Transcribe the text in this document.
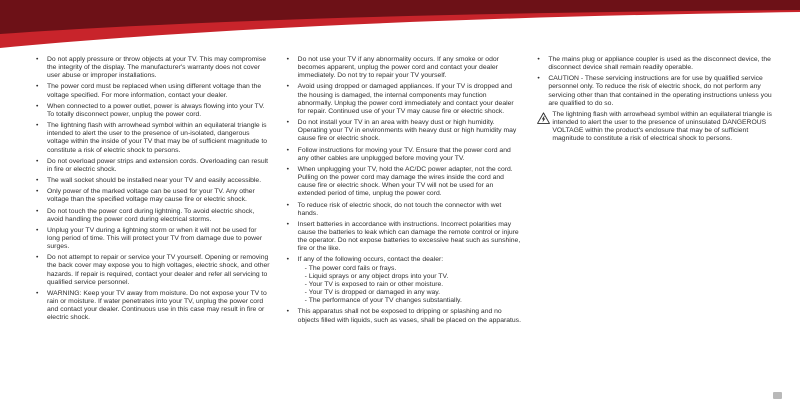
•	Do not apply pressure or throw objects at your TV. This may compromise the integrity of the display. The manufacturer's warranty does not cover user abuse or improper installations.
•	The power cord must be replaced when using different voltage than the voltage specified. For more information, contact your dealer.
•	When connected to a power outlet, power is always flowing into your TV. To totally disconnect power, unplug the power cord.
•	The lightning flash with arrowhead symbol within an equilateral triangle is intended to alert the user to the presence of un-isolated, dangerous voltage within the inside of your TV that may be of sufficient magnitude to constitute a risk of electric shock to persons.
•	Do not overload power strips and extension cords. Overloading can result in fire or electric shock.
•	The wall socket should be installed near your TV and easily accessible.
•	Only power of the marked voltage can be used for your TV. Any other voltage than the specified voltage may cause fire or electric shock.
•	Do not touch the power cord during lightning. To avoid electric shock, avoid handling the power cord during electrical storms.
•	Unplug your TV during a lightning storm or when it will not be used for long period of time. This will protect your TV from damage due to power surges.
•	Do not attempt to repair or service your TV yourself. Opening or removing the back cover may expose you to high voltages, electric shock, and other hazards. If repair is required, contact your dealer and refer all servicing to qualified service personnel.
•	WARNING: Keep your TV away from moisture. Do not expose your TV to rain or moisture. If water penetrates into your TV, unplug the power cord and contact your dealer. Continuous use in this case may result in fire or electric shock.
•	Do not use your TV if any abnormality occurs. If any smoke or odor becomes apparent, unplug the power cord and contact your dealer immediately. Do not try to repair your TV yourself.
•	Avoid using dropped or damaged appliances. If your TV is dropped and the housing is damaged, the internal components may function abnormally. Unplug the power cord immediately and contact your dealer for repair. Continued use of your TV may cause fire or electric shock.
•	Do not install your TV in an area with heavy dust or high humidity. Operating your TV in environments with heavy dust or high humidity may cause fire or electric shock.
•	Follow instructions for moving your TV. Ensure that the power cord and any other cables are unplugged before moving your TV.
•	When unplugging your TV, hold the AC/DC power adapter, not the cord. Pulling on the power cord may damage the wires inside the cord and cause fire or electric shock. When your TV will not be used for an extended period of time, unplug the power cord.
•	To reduce risk of electric shock, do not touch the connector with wet hands.
•	Insert batteries in accordance with instructions. Incorrect polarities may cause the batteries to leak which can damage the remote control or injure the operator. Do not expose batteries to excessive heat such as sunshine, fire or the like.
•	If any of the following occurs, contact the dealer:
- The power cord fails or frays.
- Liquid sprays or any object drops into your TV.
- Your TV is exposed to rain or other moisture.
- Your TV is dropped or damaged in any way.
- The performance of your TV changes substantially.
•	This apparatus shall not be exposed to dripping or splashing and no objects filled with liquids, such as vases, shall be placed on the apparatus.
•	The mains plug or appliance coupler is used as the disconnect device, the disconnect device shall remain readily operable.
•	CAUTION - These servicing instructions are for use by qualified service personnel only. To reduce the risk of electric shock, do not perform any servicing other than that contained in the operating instructions unless you are qualified to do so.
The lightning flash with arrowhead symbol within an equilateral triangle is intended to alert the user to the presence of uninsulated DANGEROUS VOLTAGE within the product's enclosure that may be of sufficient magnitude to constitute a risk of electrical shock to persons.
